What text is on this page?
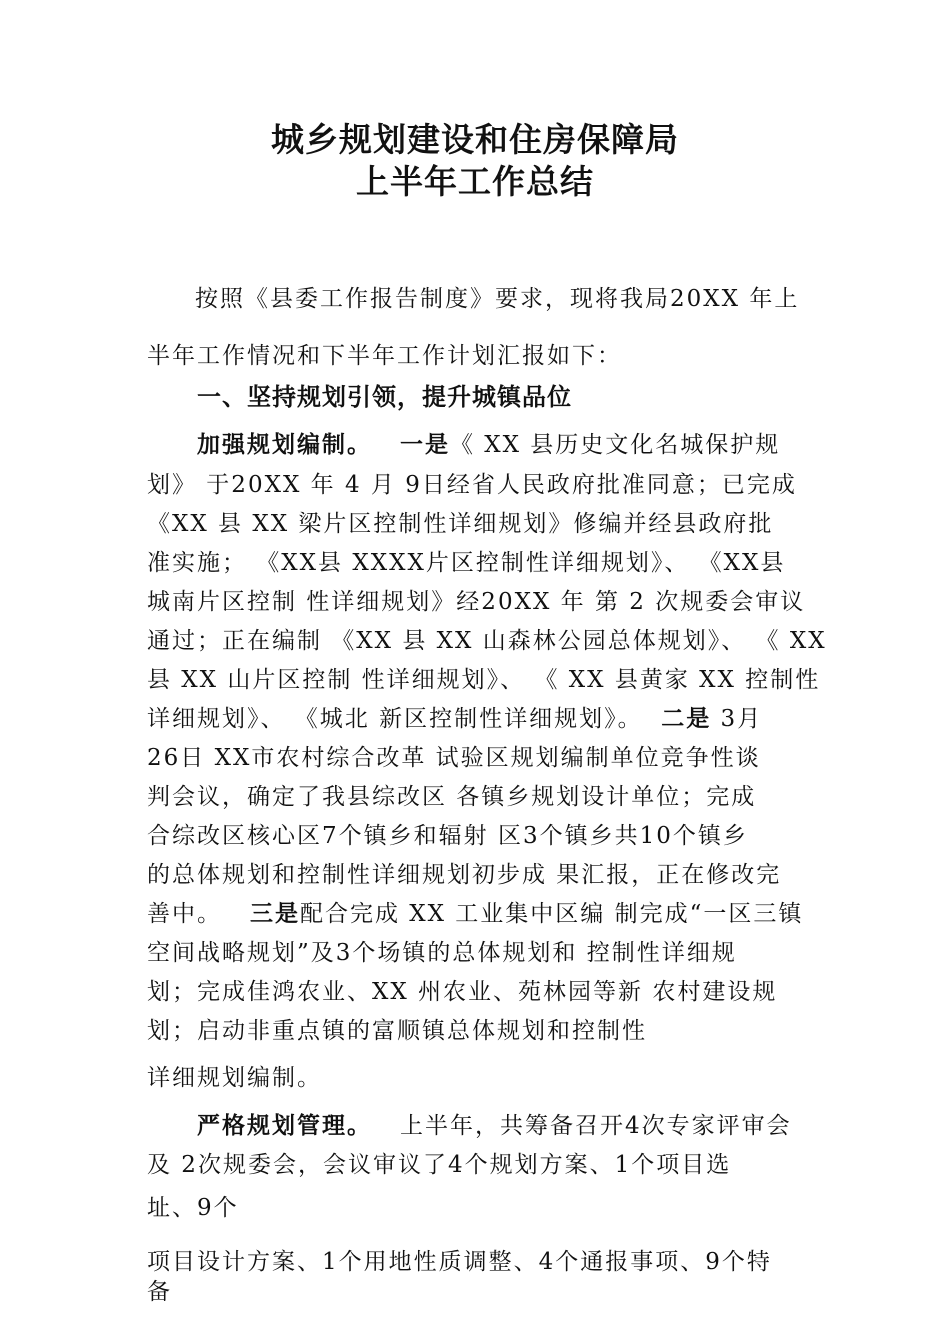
城乡规划建设和住房保障局
上半年工作总结
按照《县委工作报告制度》要求，现将我局20XX 年上
半年工作情况和下半年工作计划汇报如下：
一、坚持规划引领，提升城镇品位
加强规划编制。 一是《 XX 县历史文化名城保护规
划》 于20XX 年 4 月 9日经省人民政府批准同意；已完成
《XX 县 XX 梁片区控制性详细规划》修编并经县政府批
准实施； 《XX县 XXXX片区控制性详细规划》、 《XX县
城南片区控制 性详细规划》经20XX 年 第 2 次规委会审议
通过；正在编制 《XX 县 XX 山森林公园总体规划》、 《 XX
县 XX 山片区控制 性详细规划》、 《 XX 县黄家 XX 控制性
详细规划》、 《城北 新区控制性详细规划》。 二是 3月
26日 XX市农村综合改革 试验区规划编制单位竞争性谈
判会议，确定了我县综改区 各镇乡规划设计单位；完成
合综改区核心区7个镇乡和辐射 区3个镇乡共10个镇乡
的总体规划和控制性详细规划初步成 果汇报，正在修改完
善中。 三是配合完成 XX 工业集中区编 制完成“一区三镇
空间战略规划”及3个场镇的总体规划和 控制性详细规
划；完成佳鸿农业、XX 州农业、苑林园等新 农村建设规
划；启动非重点镇的富顺镇总体规划和控制性
详细规划编制。
严格规划管理。 上半年，共筹备召开4次专家评审会
及 2次规委会，会议审议了4个规划方案、1个项目选
址、9个
项目设计方案、1个用地性质调整、4个通报事项、9个特
备
